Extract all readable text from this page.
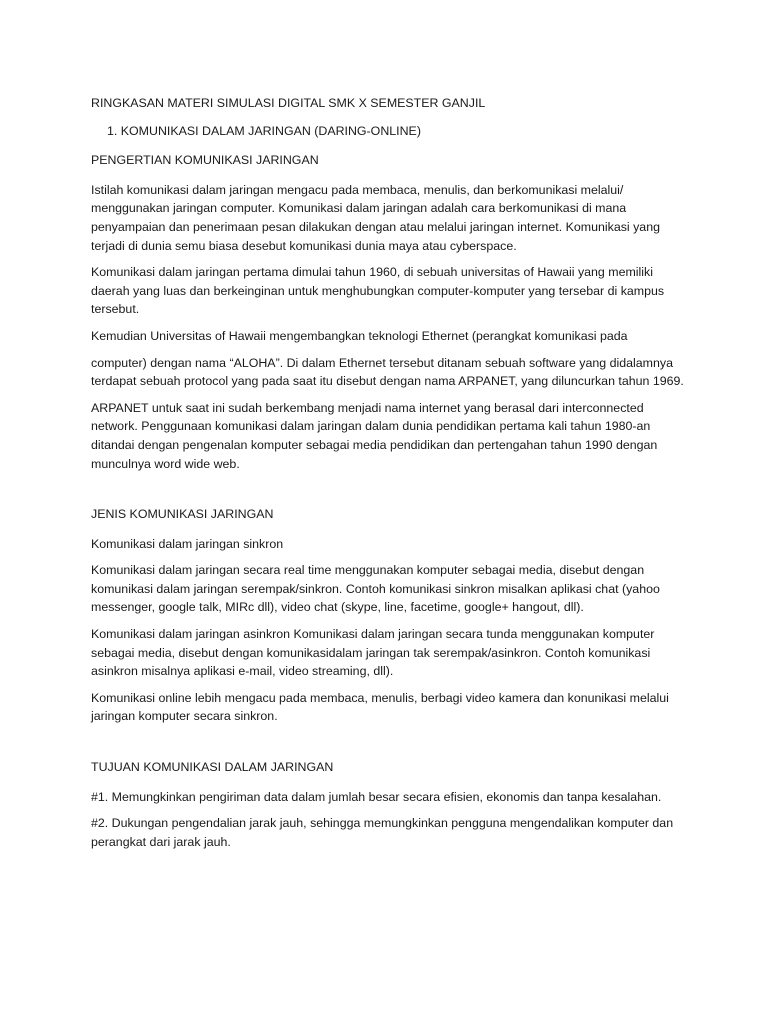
RINGKASAN MATERI SIMULASI DIGITAL SMK X SEMESTER GANJIL

1. KOMUNIKASI DALAM JARINGAN (DARING-ONLINE)

PENGERTIAN KOMUNIKASI JARINGAN

Istilah komunikasi dalam jaringan mengacu pada membaca, menulis, dan berkomunikasi melalui/ menggunakan jaringan computer. Komunikasi dalam jaringan adalah cara berkomunikasi di mana penyampaian dan penerimaan pesan dilakukan dengan atau melalui jaringan internet. Komunikasi yang terjadi di dunia semu biasa desebut komunikasi dunia maya atau cyberspace.

Komunikasi dalam jaringan pertama dimulai tahun 1960, di sebuah universitas of Hawaii yang memiliki daerah yang luas dan berkeinginan untuk menghubungkan computer-komputer yang tersebar di kampus tersebut.

Kemudian Universitas of Hawaii mengembangkan teknologi Ethernet (perangkat komunikasi pada

computer) dengan nama “ALOHA”. Di dalam Ethernet tersebut ditanam sebuah software yang didalamnya terdapat sebuah protocol yang pada saat itu disebut dengan nama ARPANET, yang diluncurkan tahun 1969.

ARPANET untuk saat ini sudah berkembang menjadi nama internet yang berasal dari interconnected network. Penggunaan komunikasi dalam jaringan dalam dunia pendidikan pertama kali tahun 1980-an ditandai dengan pengenalan komputer sebagai media pendidikan dan pertengahan tahun 1990 dengan munculnya word wide web.

JENIS KOMUNIKASI JARINGAN

Komunikasi dalam jaringan sinkron

Komunikasi dalam jaringan secara real time menggunakan komputer sebagai media, disebut dengan komunikasi dalam jaringan serempak/sinkron. Contoh komunikasi sinkron misalkan aplikasi chat (yahoo messenger, google talk, MIRc dll), video chat (skype, line, facetime, google+ hangout, dll).

Komunikasi dalam jaringan asinkron Komunikasi dalam jaringan secara tunda menggunakan komputer sebagai media, disebut dengan komunikasidalam jaringan tak serempak/asinkron. Contoh komunikasi asinkron misalnya aplikasi e-mail, video streaming, dll).

Komunikasi online lebih mengacu pada membaca, menulis, berbagi video kamera dan konunikasi melalui jaringan komputer secara sinkron.

TUJUAN KOMUNIKASI DALAM JARINGAN

#1. Memungkinkan pengiriman data dalam jumlah besar secara efisien, ekonomis dan tanpa kesalahan.

#2. Dukungan pengendalian jarak jauh, sehingga memungkinkan pengguna mengendalikan komputer dan perangkat dari jarak jauh.
